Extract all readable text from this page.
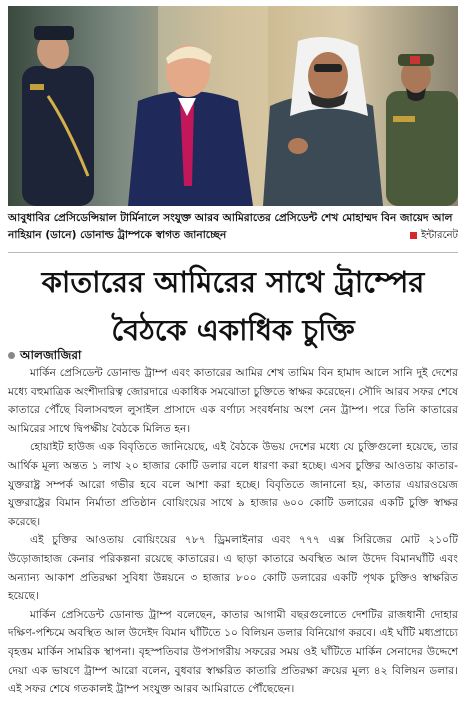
আবুধাবির প্রেসিডেন্সিয়াল টার্মিনালে সংযুক্ত আরব আমিরাতের প্রেসিডেন্ট শেখ মোহাম্মদ বিন জায়েদ আল নাহিয়ান (ডানে) ডোনাল্ড ট্রাম্পকে স্বাগত জানাচ্ছেন	ইন্টারনেট
কাতারের আমিরের সাথে ট্রাম্পের
বৈঠকে একাধিক চুক্তি
আলজাজিরা

মার্কিন প্রেসিডেন্ট ডোনাল্ড ট্রাম্প এবং কাতারের আমির শেখ তামিম বিন হামাদ আলে সানি দুই দেশের মধ্যে বহুমাত্রিক অংশীদারিত্ব জোরদারে একাধিক সমঝোতা চুক্তিতে স্বাক্ষর করেছেন। সৌদি আরব সফর শেষে কাতারে পৌঁছে বিলাসবহুল লুসাইল প্রাসাদে এক বর্ণাঢ্য সংবর্ধনায় অংশ নেন ট্রাম্প। পরে তিনি কাতারের আমিরের সাথে দ্বিপক্ষীয় বৈঠকে মিলিত হন।

হোয়াইট হাউজ এক বিবৃতিতে জানিয়েছে, এই বৈঠকে উভয় দেশের মধ্যে যে চুক্তিগুলো হয়েছে, তার আর্থিক মূল্য অন্তত ১ লাখ ২০ হাজার কোটি ডলার বলে ধারণা করা হচ্ছে। এসব চুক্তির আওতায় কাতার-যুক্তরাষ্ট্র সম্পর্ক আরো গভীর হবে বলে আশা করা হচ্ছে। বিবৃতিতে জানানো হয়, কাতার এয়ারওয়েজ যুক্তরাষ্ট্রের বিমান নির্মাতা প্রতিষ্ঠান বোয়িংয়ের সাথে ৯ হাজার ৬০০ কোটি ডলারের একটি চুক্তি স্বাক্ষর করেছে।

এই চুক্তির আওতায় বোয়িংয়ের ৭৮৭ ড্রিমলাইনার এবং ৭৭৭ এক্স সিরিজের মোট ২১০টি উড়োজাহাজ কেনার পরিকল্পনা রয়েছে কাতারের। এ ছাড়া কাতারে অবস্থিত আল উদেদ বিমানঘাঁটি এবং অন্যান্য আকাশ প্রতিরক্ষা সুবিধা উন্নয়নে ৩ হাজার ৮০০ কোটি ডলারের একটি পৃথক চুক্তিও স্বাক্ষরিত হয়েছে।

মার্কিন প্রেসিডেন্ট ডোনাল্ড ট্রাম্প বলেছেন, কাতার আগামী বছরগুলোতে দেশটির রাজধানী দোহার দক্ষিণ-পশ্চিমে অবস্থিত আল উদেইদ বিমান ঘাঁটিতে ১০ বিলিয়ন ডলার বিনিয়োগ করবে। এই ঘাঁটি মধ্যপ্রাচ্যে বৃহত্তম মার্কিন সামরিক স্থাপনা। বৃহস্পতিবার উপসাগরীয় সফরের সময় ওই ঘাঁটিতে মার্কিন সেনাদের উদ্দেশে দেয়া এক ভাষণে ট্রাম্প আরো বলেন, বুধবার স্বাক্ষরিত কাতারি প্রতিরক্ষা ক্রয়ের মূল্য ৪২ বিলিয়ন ডলার। এই সফর শেষে গতকালই ট্রাম্প সংযুক্ত আরব আমিরাতে পৌঁছেছেন।
